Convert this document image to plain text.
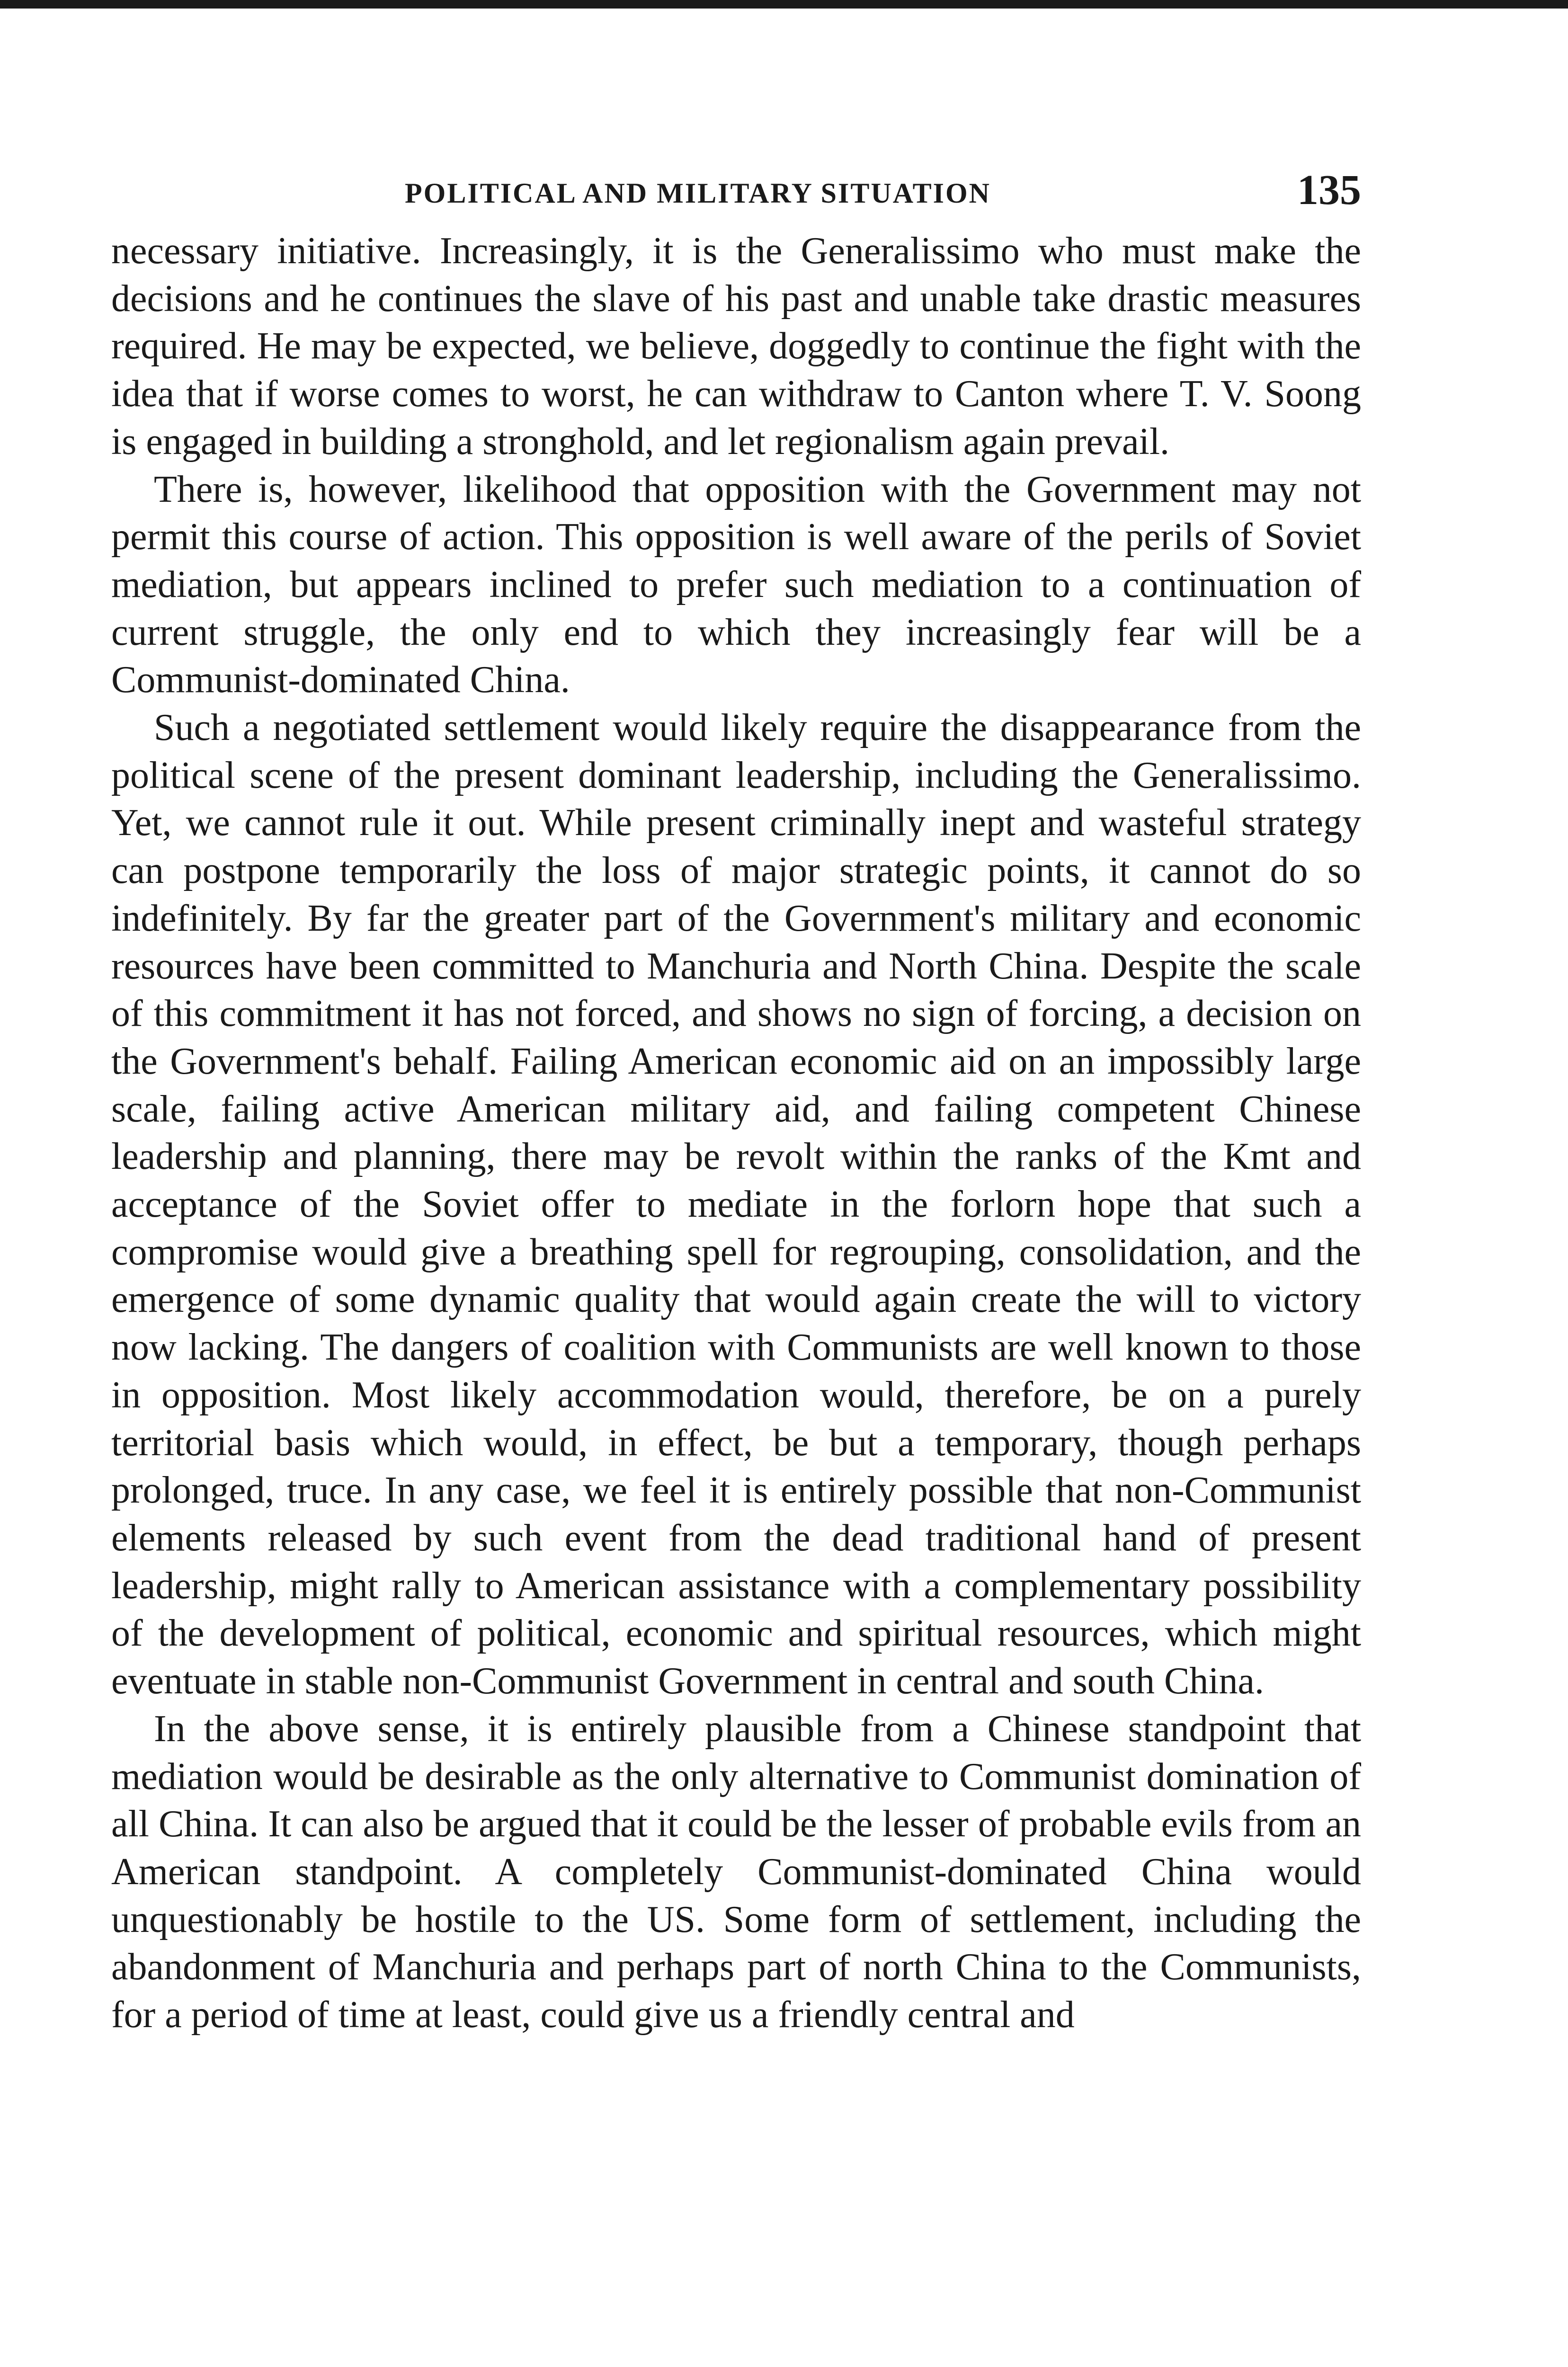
POLITICAL AND MILITARY SITUATION	135

necessary initiative. Increasingly, it is the Generalissimo who must make the decisions and he continues the slave of his past and unable take drastic measures required. He may be expected, we believe, doggedly to continue the fight with the idea that if worse comes to worst, he can withdraw to Canton where T. V. Soong is engaged in building a stronghold, and let regionalism again prevail.

There is, however, likelihood that opposition with the Government may not permit this course of action. This opposition is well aware of the perils of Soviet mediation, but appears inclined to prefer such mediation to a continuation of current struggle, the only end to which they increasingly fear will be a Communist-dominated China.

Such a negotiated settlement would likely require the disappearance from the political scene of the present dominant leadership, including the Generalissimo. Yet, we cannot rule it out. While present criminally inept and wasteful strategy can postpone temporarily the loss of major strategic points, it cannot do so indefinitely. By far the greater part of the Government's military and economic resources have been committed to Manchuria and North China. Despite the scale of this commitment it has not forced, and shows no sign of forcing, a decision on the Government's behalf. Failing American economic aid on an impossibly large scale, failing active American military aid, and failing competent Chinese leadership and planning, there may be revolt within the ranks of the Kmt and acceptance of the Soviet offer to mediate in the forlorn hope that such a compromise would give a breathing spell for regrouping, consolidation, and the emergence of some dynamic quality that would again create the will to victory now lacking. The dangers of coalition with Communists are well known to those in opposition. Most likely accommodation would, therefore, be on a purely territorial basis which would, in effect, be but a temporary, though perhaps prolonged, truce. In any case, we feel it is entirely possible that non-Communist elements released by such event from the dead traditional hand of present leadership, might rally to American assistance with a complementary possibility of the development of political, economic and spiritual resources, which might eventuate in stable non-Communist Government in central and south China.

In the above sense, it is entirely plausible from a Chinese standpoint that mediation would be desirable as the only alternative to Communist domination of all China. It can also be argued that it could be the lesser of probable evils from an American standpoint. A completely Communist-dominated China would unquestionably be hostile to the US. Some form of settlement, including the abandonment of Manchuria and perhaps part of north China to the Communists, for a period of time at least, could give us a friendly central and
